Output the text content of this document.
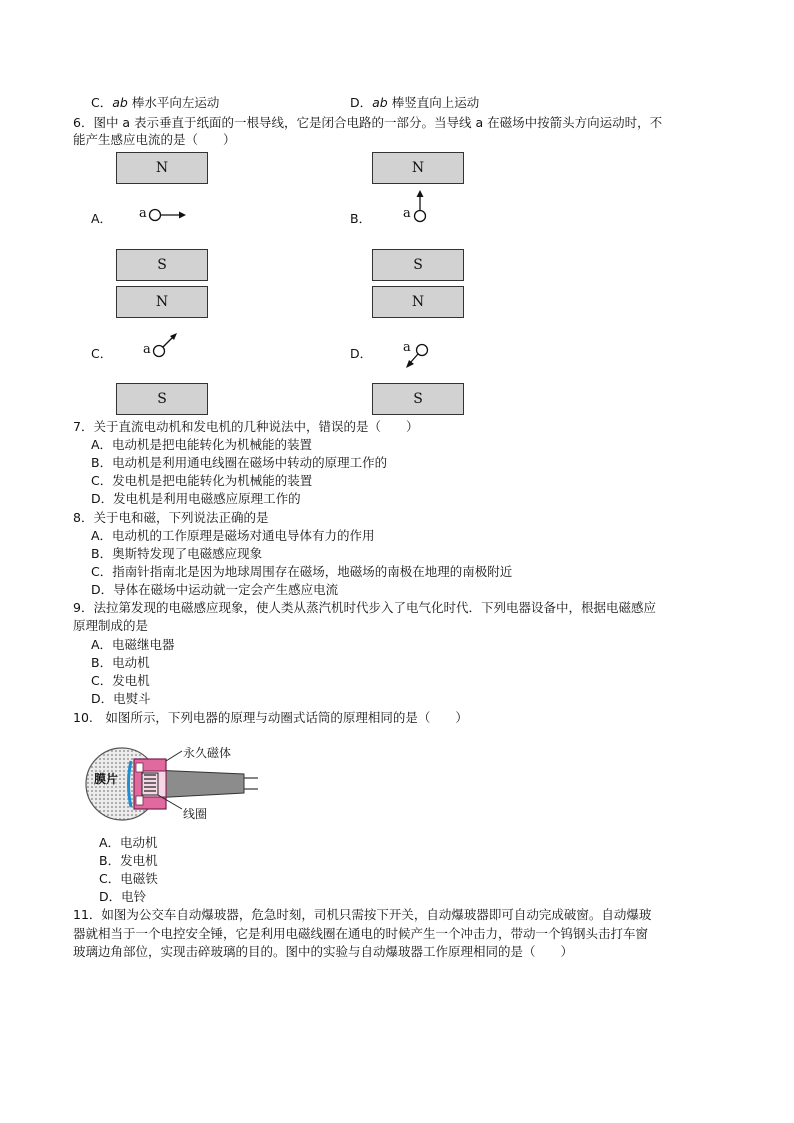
C．ab 棒水平向左运动	D．ab 棒竖直向上运动
6．图中 a 表示垂直于纸面的一根导线，它是闭合电路的一部分。当导线 a 在磁场中按箭头方向运动时，不
能产生感应电流的是（　　）
N
A． a
N
B． a
S
N
S
N
C． a	D． a
S	S
7．关于直流电动机和发电机的几种说法中，错误的是（　　）
A．电动机是把电能转化为机械能的装置
B．电动机是利用通电线圈在磁场中转动的原理工作的
C．发电机是把电能转化为机械能的装置
D．发电机是利用电磁感应原理工作的
8．关于电和磁，下列说法正确的是
A．电动机的工作原理是磁场对通电导体有力的作用
B．奥斯特发现了电磁感应现象
C．指南针指南北是因为地球周围存在磁场，地磁场的南极在地理的南极附近
D．导体在磁场中运动就一定会产生感应电流
9．法拉第发现的电磁感应现象，使人类从蒸汽机时代步入了电气化时代．下列电器设备中，根据电磁感应
原理制成的是
A．电磁继电器
B．电动机
C．发电机
D．电熨斗
10.　如图所示，下列电器的原理与动圈式话筒的原理相同的是（　　）
永久磁体
膜片
线圈
A．电动机
B．发电机
C．电磁铁
D．电铃
11．如图为公交车自动爆玻器，危急时刻，司机只需按下开关，自动爆玻器即可自动完成破窗。自动爆玻
器就相当于一个电控安全锤，它是利用电磁线圈在通电的时候产生一个冲击力，带动一个钨钢头击打车窗
玻璃边角部位，实现击碎玻璃的目的。图中的实验与自动爆玻器工作原理相同的是（　　）
